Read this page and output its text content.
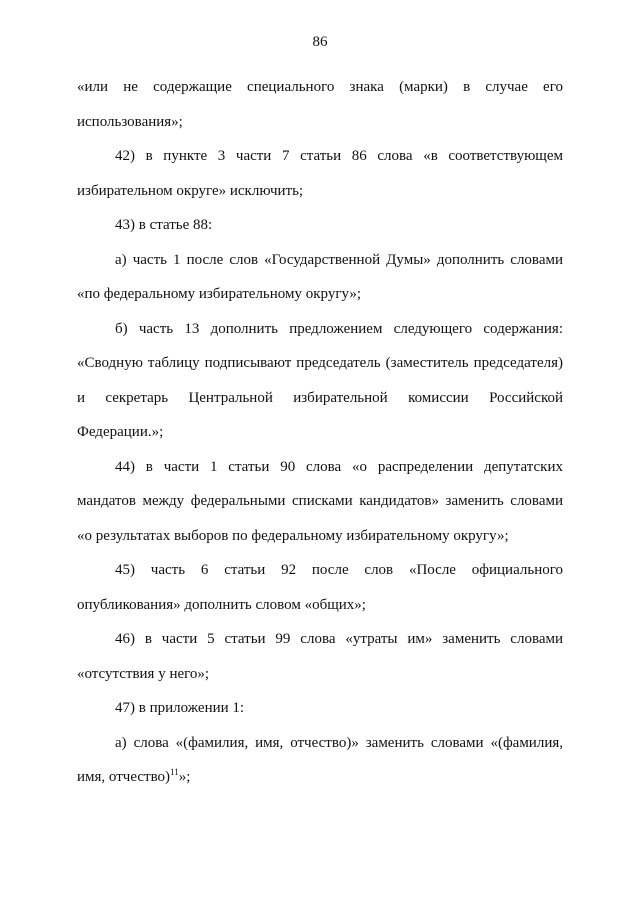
86

«или не содержащие специального знака (марки) в случае его
использования»;

42) в пункте 3 части 7 статьи 86 слова «в соответствующем
избирательном округе» исключить;

43) в статье 88:

а) часть 1 после слов «Государственной Думы» дополнить словами
«по федеральному избирательному округу»;

б) часть 13 дополнить предложением следующего содержания:
«Сводную таблицу подписывают председатель (заместитель председателя)
и секретарь Центральной избирательной комиссии Российской
Федерации.»;

44) в части 1 статьи 90 слова «о распределении депутатских
мандатов между федеральными списками кандидатов» заменить словами
«о результатах выборов по федеральному избирательному округу»;

45) часть 6 статьи 92 после слов «После официального
опубликования» дополнить словом «общих»;

46) в части 5 статьи 99 слова «утраты им» заменить словами
«отсутствия у него»;

47) в приложении 1:

а) слова «(фамилия, имя, отчество)» заменить словами «(фамилия,
имя, отчество)$^{11}$»;
